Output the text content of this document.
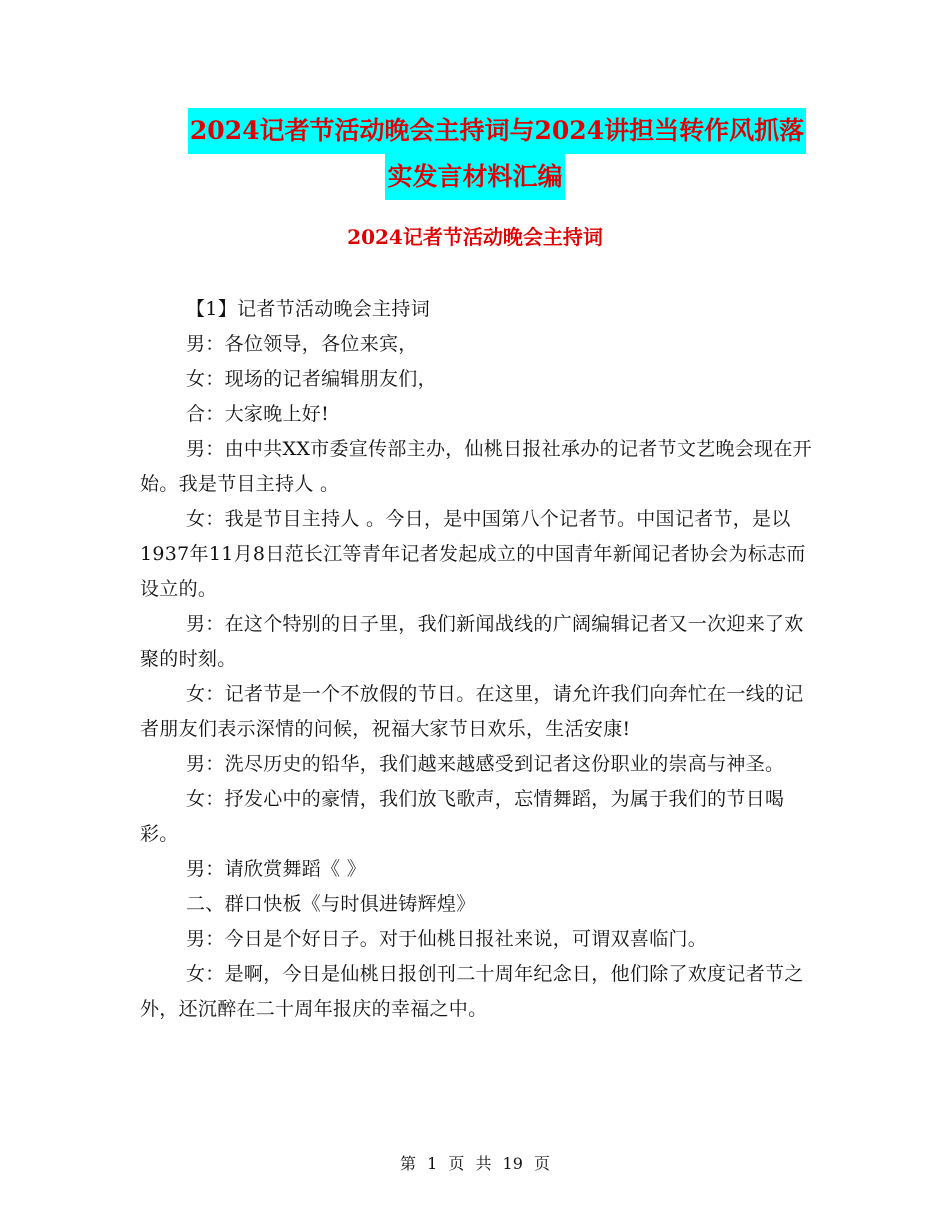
2024记者节活动晚会主持词与2024讲担当转作风抓落
实发言材料汇编
2024记者节活动晚会主持词

【1】记者节活动晚会主持词

男：各位领导，各位来宾，

女：现场的记者编辑朋友们，

合：大家晚上好!

男：由中共XX市委宣传部主办，仙桃日报社承办的记者节文艺晚会现在开始。我是节目主持人 。

女：我是节目主持人 。今日，是中国第八个记者节。中国记者节，是以1937年11月8日范长江等青年记者发起成立的中国青年新闻记者协会为标志而设立的。

男：在这个特别的日子里，我们新闻战线的广阔编辑记者又一次迎来了欢聚的时刻。

女：记者节是一个不放假的节日。在这里，请允许我们向奔忙在一线的记者朋友们表示深情的问候，祝福大家节日欢乐，生活安康!

男：洗尽历史的铅华，我们越来越感受到记者这份职业的崇高与神圣。

女：抒发心中的豪情，我们放飞歌声，忘情舞蹈，为属于我们的节日喝彩。

男：请欣赏舞蹈《 》

二、群口快板《与时俱进铸辉煌》

男：今日是个好日子。对于仙桃日报社来说，可谓双喜临门。

女：是啊，今日是仙桃日报创刊二十周年纪念日，他们除了欢度记者节之外，还沉醉在二十周年报庆的幸福之中。

第 1 页 共 19 页
